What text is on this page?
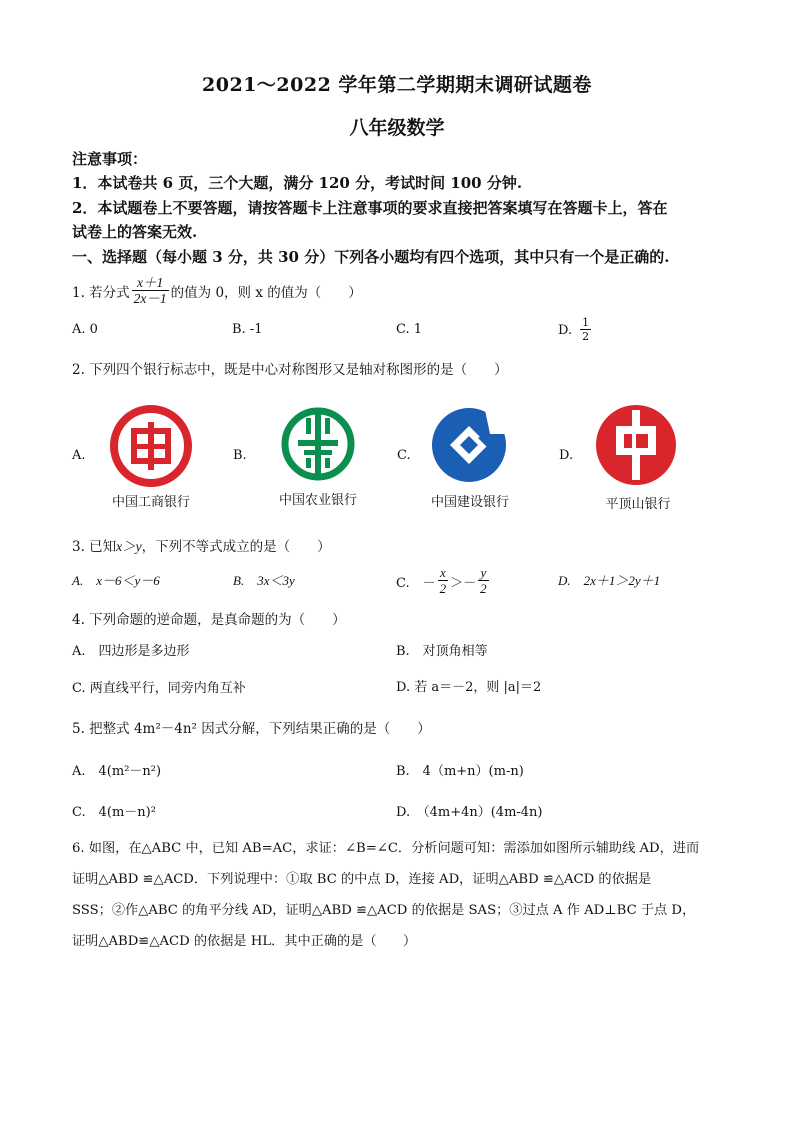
2021～2022 学年第二学期期末调研试题卷
八年级数学
注意事项：
1．本试卷共 6 页，三个大题，满分 120 分，考试时间 100 分钟.
2．本试题卷上不要答题，请按答题卡上注意事项的要求直接把答案填写在答题卡上，答在
试卷上的答案无效.
一、选择题（每小题 3 分，共 30 分）下列各小题均有四个选项，其中只有一个是正确的.
1. 若分式 $\frac{x+1}{2x-1}$ 的值为 0，则 x 的值为（　　）
A. 0	B. -1	C. 1	D. $\frac{1}{2}$
2. 下列四个银行标志中，既是中心对称图形又是轴对称图形的是（　　）
A.	B.	C.	D.
中国工商银行	中国农业银行	中国建设银行	平顶山银行
3. 已知x＞y，下列不等式成立的是（　　）
A.　x－6＜y－6	B.　3x＜3y	C.　－ $\frac{x}{2} >- \frac{y}{2}$	D.　2x＋1＞2y＋1
4. 下列命题的逆命题，是真命题的为（　　）
A.　四边形是多边形	B.　对顶角相等
C. 两直线平行，同旁内角互补	D. 若 a＝－2，则 |a|＝2
5. 把整式 4m²－4n² 因式分解，下列结果正确的是（　　）
A.　4(m²－n²)	B.　4（m+n）(m-n)
C.　4(m－n)²	D.　（4m+4n）(4m-4n)
6. 如图，在△ABC 中，已知 AB=AC，求证：∠B=∠C．分析问题可知：需添加如图所示辅助线 AD，进而
证明△ABD ≌△ACD．下列说理中：①取 BC 的中点 D，连接 AD，证明△ABD ≌△ACD 的依据是
SSS；②作△ABC 的角平分线 AD，证明△ABD ≌△ACD 的依据是 SAS；③过点 A 作 AD⊥BC 于点 D，
证明△ABD≌△ACD 的依据是 HL．其中正确的是（　　）
